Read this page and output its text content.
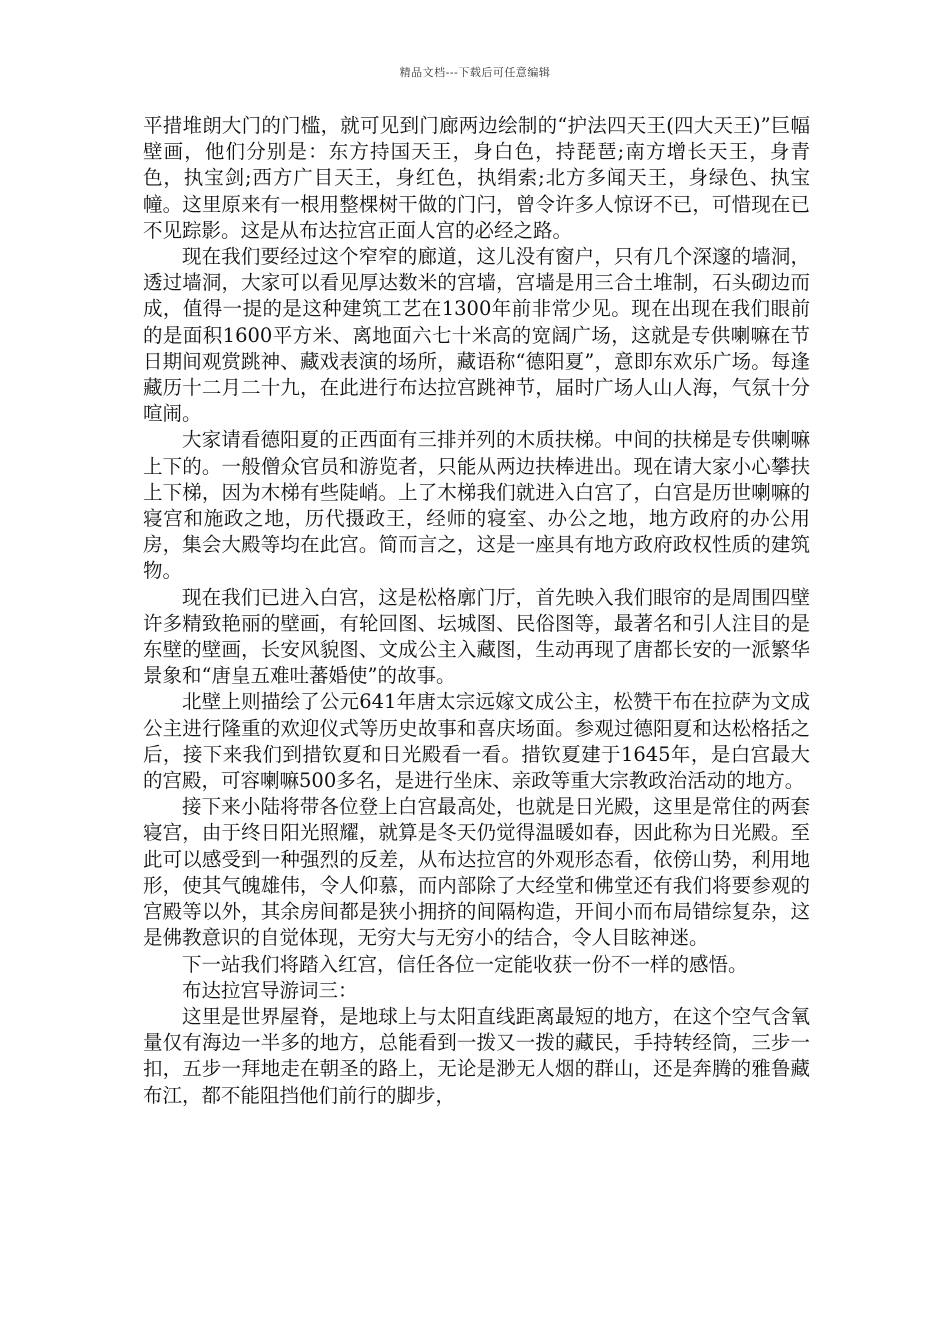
精品文档---下载后可任意编辑

平措堆朗大门的门槛，就可见到门廊两边绘制的“护法四天王(四大天王)”巨幅壁画，他们分别是：东方持国天王，身白色，持琵琶;南方增长天王，身青色，执宝剑;西方广目天王，身红色，执绢索;北方多闻天王，身绿色、执宝幢。这里原来有一根用整棵树干做的门闩，曾令许多人惊讶不已，可惜现在已不见踪影。这是从布达拉宫正面人宫的必经之路。

现在我们要经过这个窄窄的廊道，这儿没有窗户，只有几个深邃的墙洞，透过墙洞，大家可以看见厚达数米的宫墙，宫墙是用三合土堆制，石头砌边而成，值得一提的是这种建筑工艺在1300年前非常少见。现在出现在我们眼前的是面积1600平方米、离地面六七十米高的宽阔广场，这就是专供喇嘛在节日期间观赏跳神、藏戏表演的场所，藏语称“德阳夏”，意即东欢乐广场。每逢藏历十二月二十九，在此进行布达拉宫跳神节，届时广场人山人海，气氛十分喧闹。

大家请看德阳夏的正西面有三排并列的木质扶梯。中间的扶梯是专供喇嘛上下的。一般僧众官员和游览者，只能从两边扶棒进出。现在请大家小心攀扶上下梯，因为木梯有些陡峭。上了木梯我们就进入白宫了，白宫是历世喇嘛的寝宫和施政之地，历代摄政王，经师的寝室、办公之地，地方政府的办公用房，集会大殿等均在此宫。简而言之，这是一座具有地方政府政权性质的建筑物。

现在我们已进入白宫，这是松格廓门厅，首先映入我们眼帘的是周围四壁许多精致艳丽的壁画，有轮回图、坛城图、民俗图等，最著名和引人注目的是东壁的壁画，长安风貌图、文成公主入藏图，生动再现了唐都长安的一派繁华景象和“唐皇五难吐蕃婚使”的故事。

北壁上则描绘了公元641年唐太宗远嫁文成公主，松赞干布在拉萨为文成公主进行隆重的欢迎仪式等历史故事和喜庆场面。参观过德阳夏和达松格括之后，接下来我们到措钦夏和日光殿看一看。措钦夏建于1645年，是白宫最大的宫殿，可容喇嘛500多名，是进行坐床、亲政等重大宗教政治活动的地方。

接下来小陆将带各位登上白宫最高处，也就是日光殿，这里是常住的两套寝宫，由于终日阳光照耀，就算是冬天仍觉得温暖如春，因此称为日光殿。至此可以感受到一种强烈的反差，从布达拉宫的外观形态看，依傍山势，利用地形，使其气魄雄伟，令人仰慕，而内部除了大经堂和佛堂还有我们将要参观的宫殿等以外，其余房间都是狭小拥挤的间隔构造，开间小而布局错综复杂，这是佛教意识的自觉体现，无穷大与无穷小的结合，令人目眩神迷。

下一站我们将踏入红宫，信任各位一定能收获一份不一样的感悟。

布达拉宫导游词三：

这里是世界屋脊，是地球上与太阳直线距离最短的地方，在这个空气含氧量仅有海边一半多的地方，总能看到一拨又一拨的藏民，手持转经筒，三步一扣，五步一拜地走在朝圣的路上，无论是渺无人烟的群山，还是奔腾的雅鲁藏布江，都不能阻挡他们前行的脚步，
